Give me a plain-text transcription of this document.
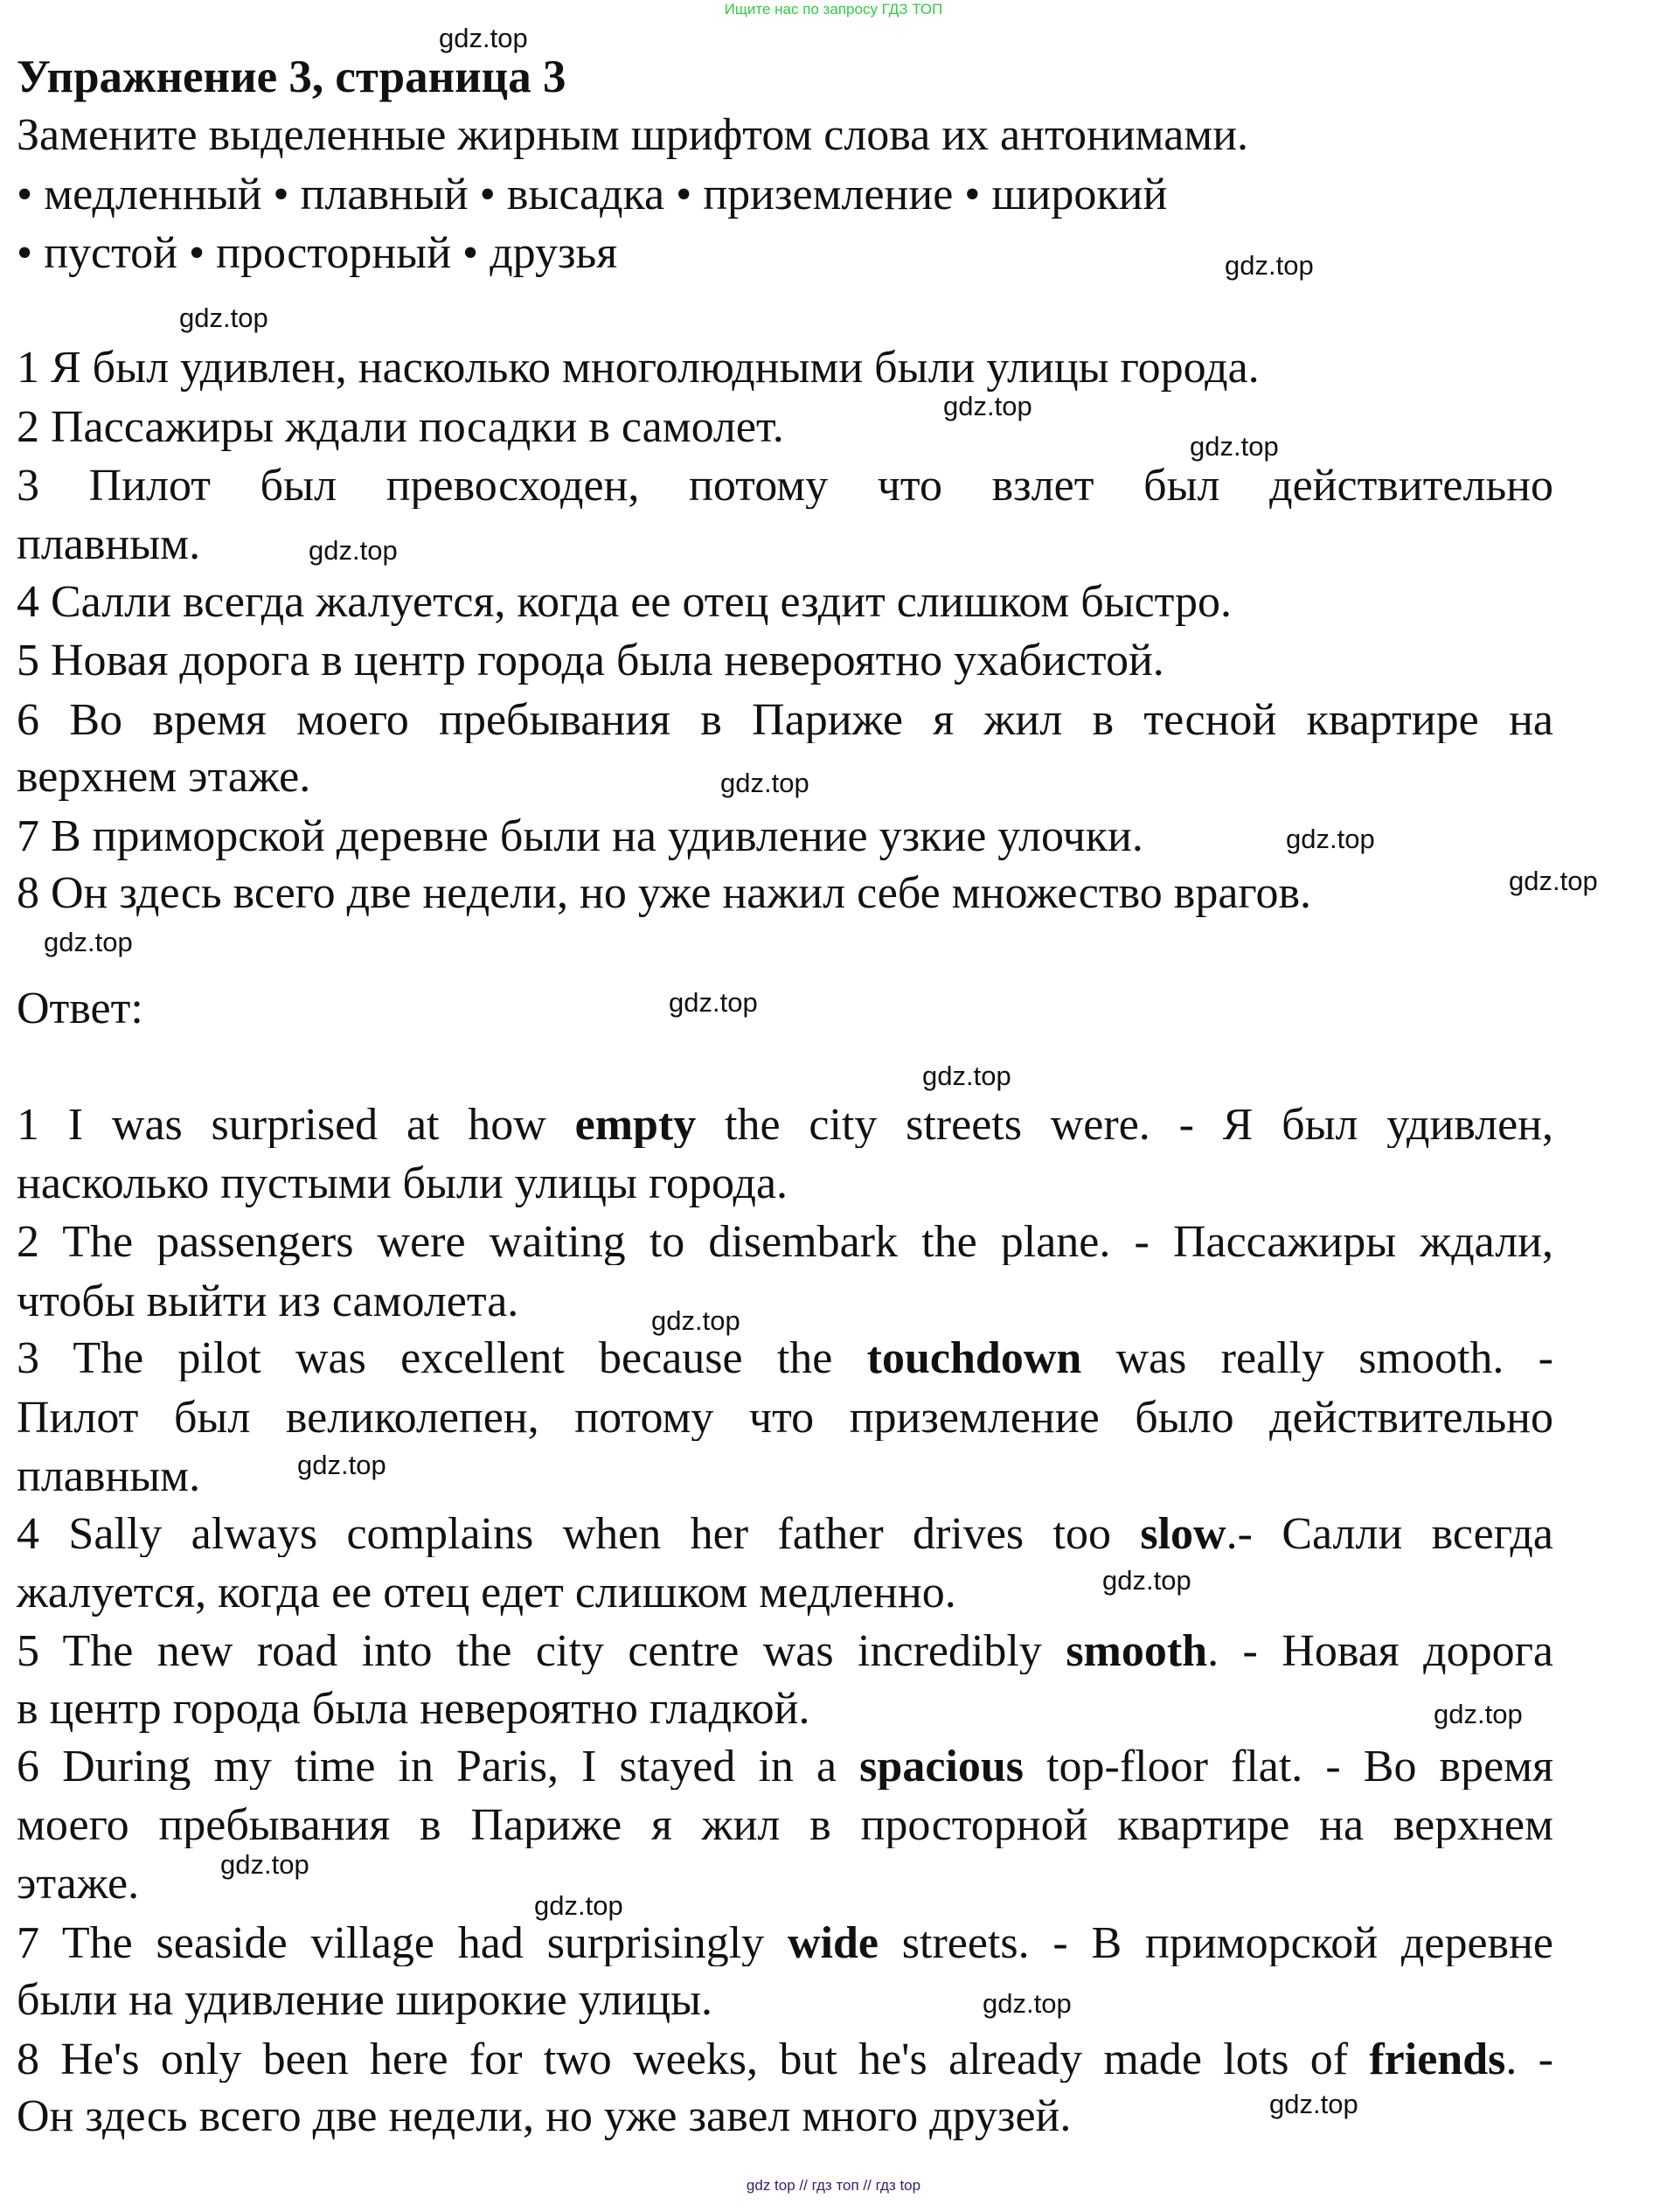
Ищите нас по запросу ГДЗ ТОП
Упражнение 3, страница 3
Замените выделенные жирным шрифтом слова их антонимами.
• медленный • плавный • высадка • приземление • широкий
• пустой • просторный • друзья
1 Я был удивлен, насколько многолюдными были улицы города.
2 Пассажиры ждали посадки в самолет.
3 Пилот был превосходен, потому что взлет был действительно
плавным.
4 Салли всегда жалуется, когда ее отец ездит слишком быстро.
5 Новая дорога в центр города была невероятно ухабистой.
6 Во время моего пребывания в Париже я жил в тесной квартире на
верхнем этаже.
7 В приморской деревне были на удивление узкие улочки.
8 Он здесь всего две недели, но уже нажил себе множество врагов.
Ответ:
1 I was surprised at how empty the city streets were. - Я был удивлен,
насколько пустыми были улицы города.
2 The passengers were waiting to disembark the plane. - Пассажиры ждали,
чтобы выйти из самолета.
3 The pilot was excellent because the touchdown was really smooth. -
Пилот был великолепен, потому что приземление было действительно
плавным.
4 Sally always complains when her father drives too slow.- Салли всегда
жалуется, когда ее отец едет слишком медленно.
5 The new road into the city centre was incredibly smooth. - Новая дорога
в центр города была невероятно гладкой.
6 During my time in Paris, I stayed in a spacious top-floor flat. - Во время
моего пребывания в Париже я жил в просторной квартире на верхнем
этаже.
7 The seaside village had surprisingly wide streets. - В приморской деревне
были на удивление широкие улицы.
8 He's only been here for two weeks, but he's already made lots of friends. -
Он здесь всего две недели, но уже завел много друзей.
gdz.top
gdz.top
gdz.top
gdz.top
gdz.top
gdz.top
gdz.top
gdz.top
gdz.top
gdz.top
gdz.top
gdz.top
gdz.top
gdz.top
gdz.top
gdz.top
gdz.top
gdz.top
gdz.top
gdz.top
gdz top // гдз топ // гдз top
